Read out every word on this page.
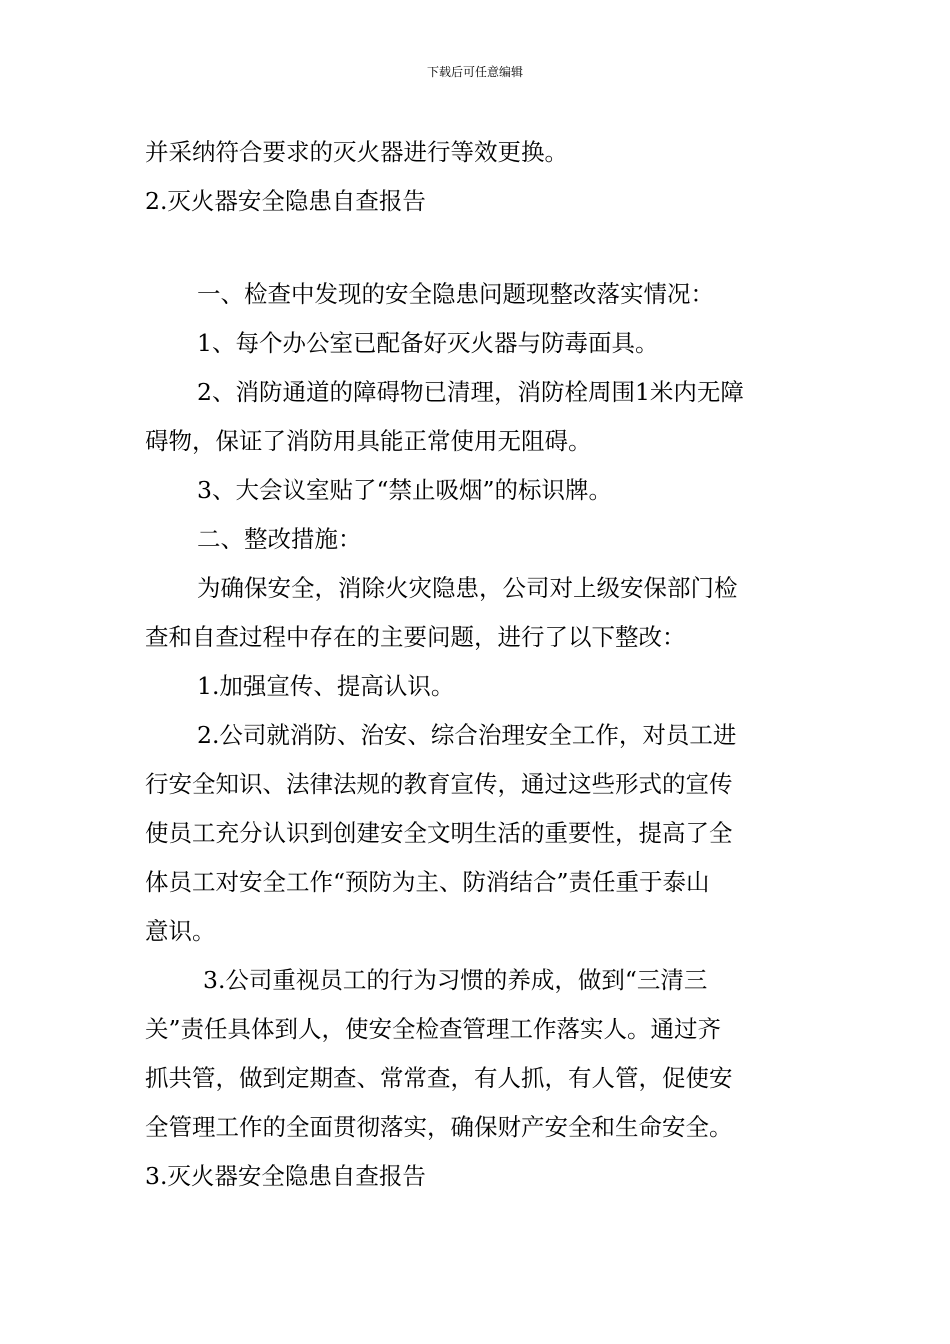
下载后可任意编辑
并采纳符合要求的灭火器进行等效更换。
2.灭火器安全隐患自查报告
一、检查中发现的安全隐患问题现整改落实情况：
1、每个办公室已配备好灭火器与防毒面具。
2、消防通道的障碍物已清理，消防栓周围1米内无障
碍物，保证了消防用具能正常使用无阻碍。
3、大会议室贴了“禁止吸烟”的标识牌。
二、整改措施：
为确保安全，消除火灾隐患，公司对上级安保部门检
查和自查过程中存在的主要问题，进行了以下整改：
1.加强宣传、提高认识。
2.公司就消防、治安、综合治理安全工作，对员工进
行安全知识、法律法规的教育宣传，通过这些形式的宣传
使员工充分认识到创建安全文明生活的重要性，提高了全
体员工对安全工作“预防为主、防消结合”责任重于泰山
意识。
3.公司重视员工的行为习惯的养成，做到“三清三
关”责任具体到人，使安全检查管理工作落实人。通过齐
抓共管，做到定期查、常常查，有人抓，有人管，促使安
全管理工作的全面贯彻落实，确保财产安全和生命安全。
3.灭火器安全隐患自查报告
